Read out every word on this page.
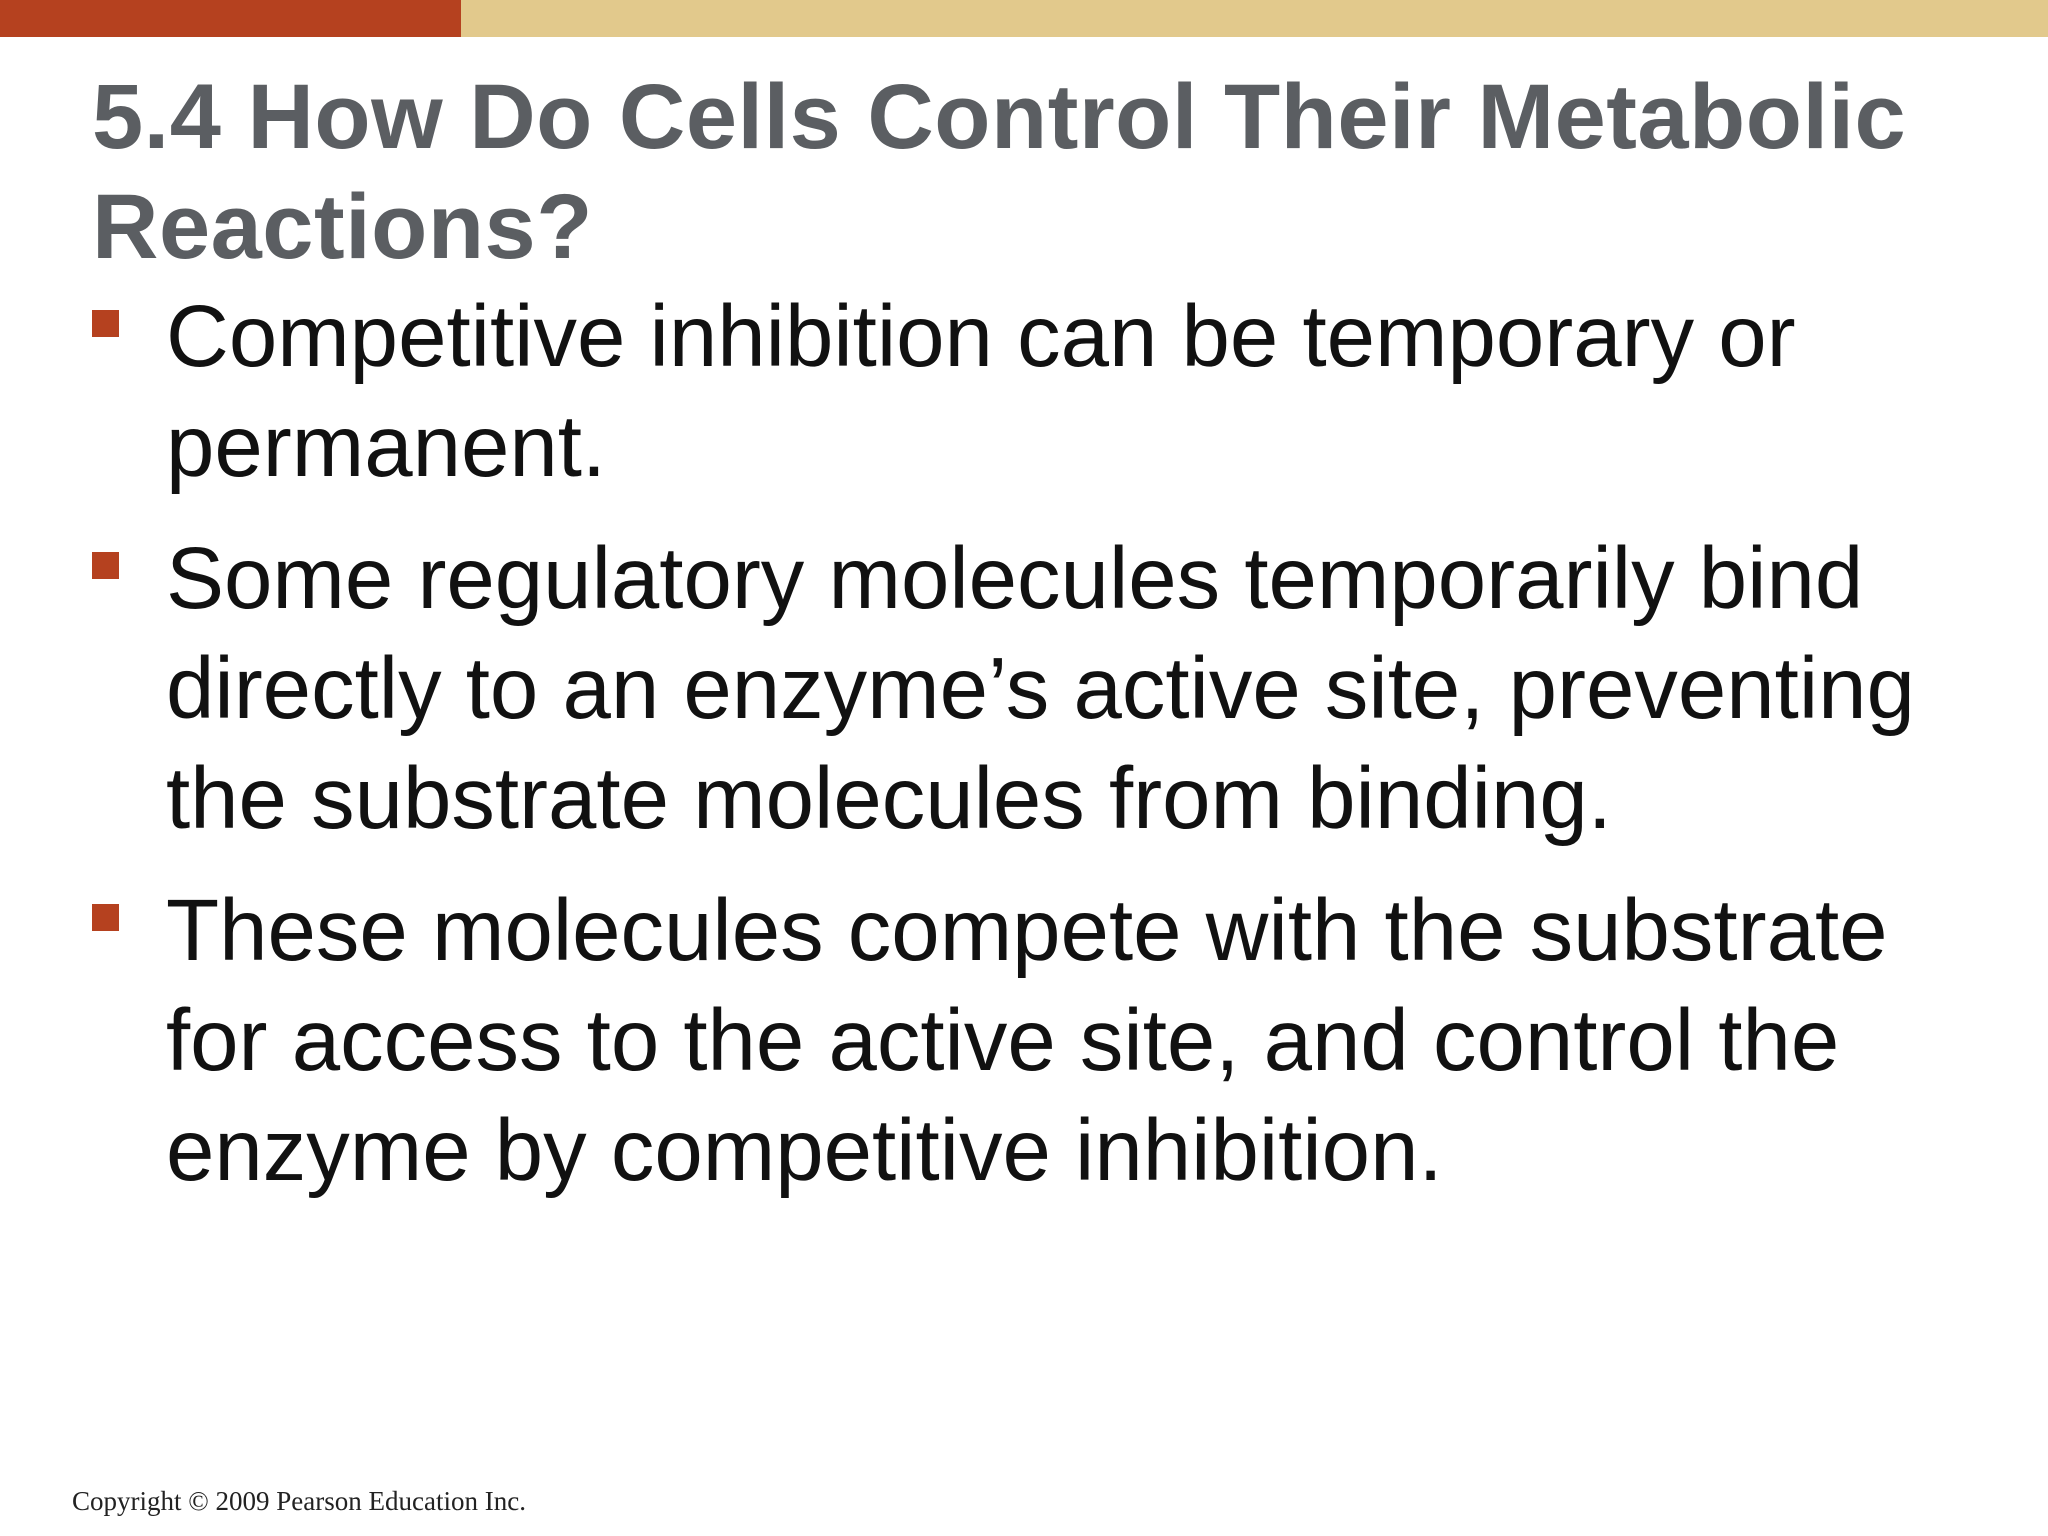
5.4 How Do Cells Control Their Metabolic Reactions?
Competitive inhibition can be temporary or permanent.
Some regulatory molecules temporarily bind directly to an enzyme’s active site, preventing the substrate molecules from binding.
These molecules compete with the substrate for access to the active site, and control the enzyme by competitive inhibition.
Copyright © 2009 Pearson Education Inc.
